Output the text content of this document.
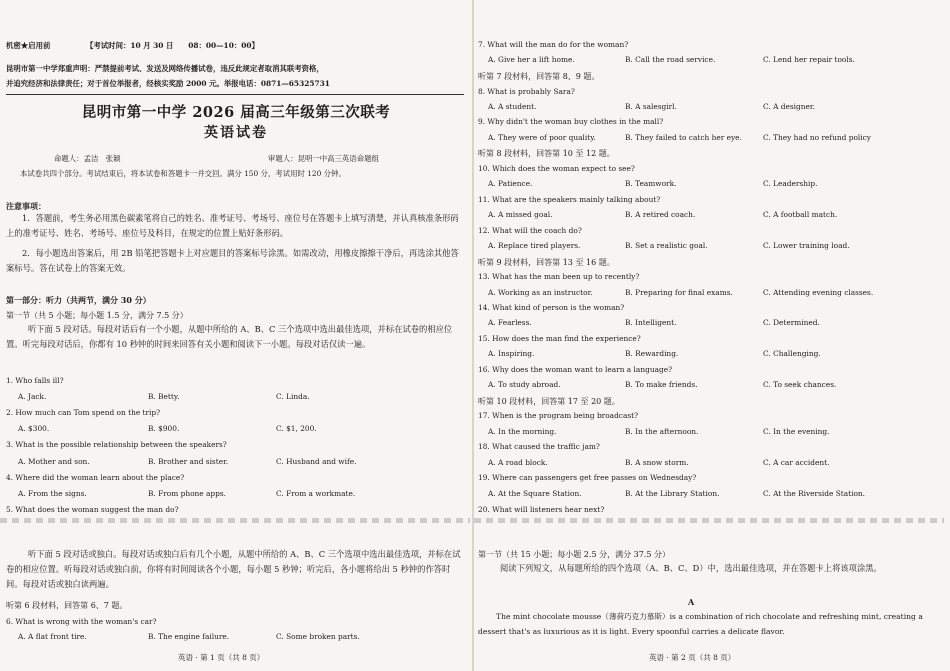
机密★启用前	【考试时间：10 月 30 日　　08：00—10：00】
昆明市第一中学郑重声明：严禁提前考试、发送及网络传播试卷，违反此规定者取消其联考资格，
并追究经济和法律责任；对于首位举报者，经核实奖励 2000 元。举报电话：0871—65325731
昆明市第一中学 2026 届高三年级第三次联考
英语试卷
命题人：孟洁　张颖	审题人：昆明一中高三英语命题组
本试卷共四个部分。考试结束后，将本试卷和答题卡一并交回。满分 150 分，考试用时 120 分钟。
注意事项：
1．答题前，考生务必用黑色碳素笔将自己的姓名、准考证号、考场号、座位号在答题卡上填写清楚，并认真核准条形码上的准考证号、姓名、考场号、座位号及科目，在规定的位置上贴好条形码。
2．每小题选出答案后，用 2B 铅笔把答题卡上对应题目的答案标号涂黑。如需改动，用橡皮擦擦干净后，再选涂其他答案标号。答在试卷上的答案无效。
第一部分：听力（共两节，满分 30 分）
第一节（共 5 小题；每小题 1.5 分，满分 7.5 分）
听下面 5 段对话。每段对话后有一个小题，从题中所给的 A、B、C 三个选项中选出最佳选项，并标在试卷的相应位置。听完每段对话后，你都有 10 秒钟的时间来回答有关小题和阅读下一小题。每段对话仅读一遍。
1. Who falls ill?
A. Jack.	B. Betty.	C. Linda.
2. How much can Tom spend on the trip?
A. $300.	B. $900.	C. $1, 200.
3. What is the possible relationship between the speakers?
A. Mother and son.	B. Brother and sister.	C. Husband and wife.
4. Where did the woman learn about the place?
A. From the signs.	B. From phone apps.	C. From a workmate.
5. What does the woman suggest the man do?
听下面 5 段对话或独白。每段对话或独白后有几个小题，从题中所给的 A、B、C 三个选项中选出最佳选项，并标在试卷的相应位置。听每段对话或独白前，你将有时间阅读各个小题，每小题 5 秒钟；听完后，各小题将给出 5 秒钟的作答时间。每段对话或独白读两遍。
听第 6 段材料，回答第 6、7 题。
6. What is wrong with the woman's car?
A. A flat front tire.	B. The engine failure.	C. Some broken parts.
英语 · 第 1 页（共 8 页）
7. What will the man do for the woman?
A. Give her a lift home.	B. Call the road service.	C. Lend her repair tools.
听第 7 段材料，回答第 8、9 题。
8. What is probably Sara?
A. A student.	B. A salesgirl.	C. A designer.
9. Why didn't the woman buy clothes in the mall?
A. They were of poor quality.	B. They failed to catch her eye.	C. They had no refund policy
听第 8 段材料，回答第 10 至 12 题。
10. Which does the woman expect to see?
A. Patience.	B. Teamwork.	C. Leadership.
11. What are the speakers mainly talking about?
A. A missed goal.	B. A retired coach.	C. A football match.
12. What will the coach do?
A. Replace tired players.	B. Set a realistic goal.	C. Lower training load.
听第 9 段材料，回答第 13 至 16 题。
13. What has the man been up to recently?
A. Working as an instructor.	B. Preparing for final exams.	C. Attending evening classes.
14. What kind of person is the woman?
A. Fearless.	B. Intelligent.	C. Determined.
15. How does the man find the experience?
A. Inspiring.	B. Rewarding.	C. Challenging.
16. Why does the woman want to learn a language?
A. To study abroad.	B. To make friends.	C. To seek chances.
听第 10 段材料，回答第 17 至 20 题。
17. When is the program being broadcast?
A. In the morning.	B. In the afternoon.	C. In the evening.
18. What caused the traffic jam?
A. A road block.	B. A snow storm.	C. A car accident.
19. Where can passengers get free passes on Wednesday?
A. At the Square Station.	B. At the Library Station.	C. At the Riverside Station.
20. What will listeners hear next?
第一节（共 15 小题；每小题 2.5 分，满分 37.5 分）
阅读下列短文，从每题所给的四个选项（A、B、C、D）中，选出最佳选项，并在答题卡上将该项涂黑。
A
The mint chocolate mousse（薄荷巧克力慕斯）is a combination of rich chocolate and refreshing mint, creating a dessert that's as luxurious as it is light. Every spoonful carries a delicate flavor.
英语 · 第 2 页（共 8 页）
